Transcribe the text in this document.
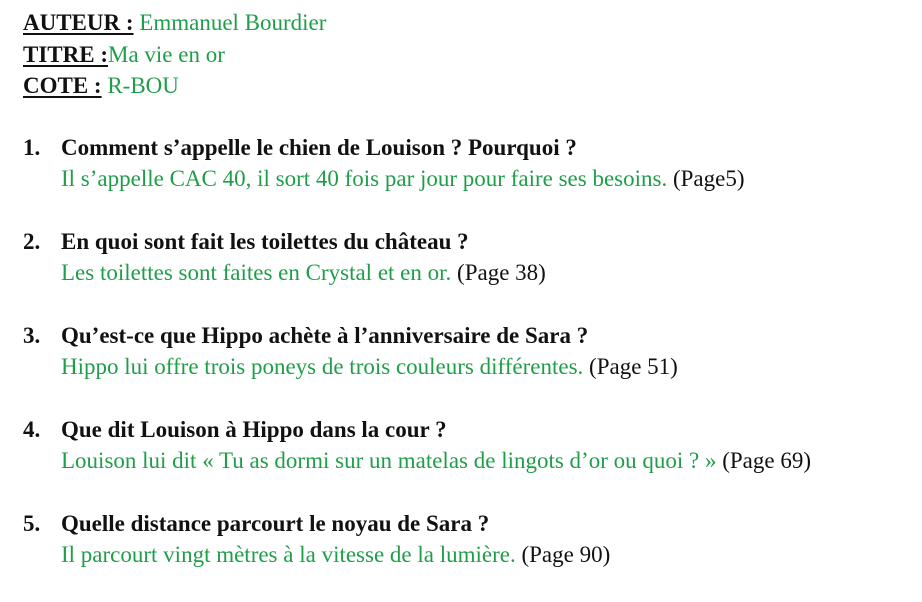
AUTEUR : Emmanuel Bourdier
TITRE :Ma vie en or
COTE : R-BOU
1. Comment s’appelle le chien de Louison ? Pourquoi ?
Il s’appelle CAC 40, il sort 40 fois par jour pour faire ses besoins. (Page5)
2. En quoi sont fait les toilettes du château ?
Les toilettes sont faites en Crystal et en or. (Page 38)
3. Qu’est-ce que Hippo achète à l’anniversaire de Sara ?
Hippo lui offre trois poneys de trois couleurs différentes. (Page 51)
4. Que dit Louison à Hippo dans la cour ?
Louison lui dit « Tu as dormi sur un matelas de lingots d’or ou quoi ? » (Page 69)
5. Quelle distance parcourt le noyau de Sara ?
Il parcourt vingt mètres à la vitesse de la lumière. (Page 90)
